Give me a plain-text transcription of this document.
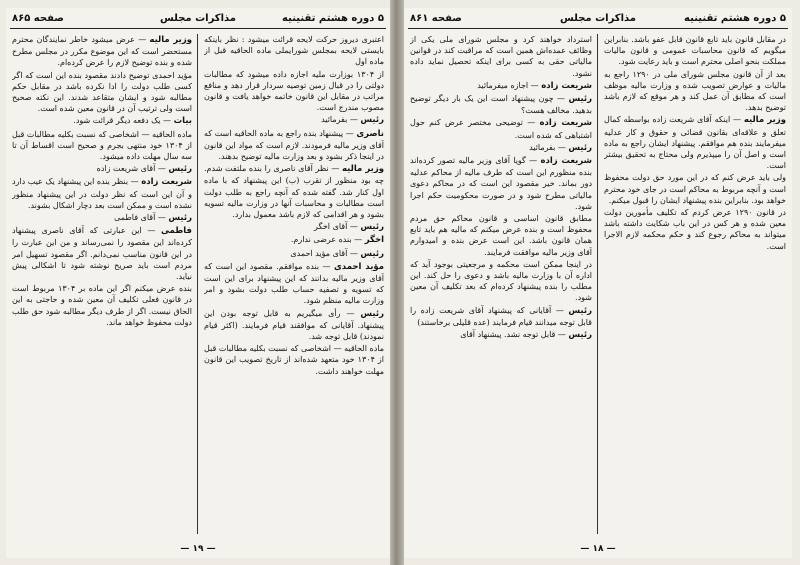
۵ دوره هشتم تقنینیه
مذاکرات مجلس
صفحه ۸۶۵

اعتبری دیروز حرکت لایحه قرائت میشود : نظر باینکه بایستی لایحه بمجلس شورایملی ماده الحاقیه قبل از ماده اول

از ۱۳۰۴ بوزارت ملیه اجازه داده میشود که مطالبات دولتی را در قبال زمین توصیه سردار قرار دهد و منافع مراتب در مقابل این قانون خاتمه خواهد یافت و قانون مصوب مندرج است.

رئیس — بفرمائید

ناصری — پیشنهاد بنده راجع به ماده الحاقیه است که آقای وزیر مالیه فرمودند. لازم است که مواد این قانون در اینجا ذکر بشود و بعد وزارت مالیه توضیح بدهند.

وزیر مالیه — نظر آقای ناصری را بنده ملتفت شدم. چه بود منظور از تقرب (ب) این پیشنهاد که با ماده اول کنار شد. گفته شده که آنچه راجع به طلب دولت است مطالبات و محاسبات آنها در وزارت مالیه تسویه بشود و هر اقدامی که لازم باشد معمول بدارد.

رئیس — آقای اخگر

اخگر — بنده عرضی ندارم.

رئیس — آقای مؤید احمدی

مؤید احمدی — بنده موافقم. مقصود این است که آقای وزیر مالیه بدانند که این پیشنهاد برای این است که تسویه و تصفیه حساب طلب دولت بشود و امر وزارت مالیه منظم شود.

رئیس — رأی میگیریم به قابل توجه بودن این پیشنهاد. آقایانی که موافقند قیام فرمایند. (اکثر قیام نمودند) قابل توجه شد.

ماده الحاقیه — اشخاصی که نسبت بکلیه مطالبات قبل از ۱۳۰۴ خود متعهد شده‌اند از تاریخ تصویب این قانون مهلت خواهند داشت.

وزیر مالیه — عرض میشود خاطر نمایندگان محترم مستحضر است که این موضوع مکرر در مجلس مطرح شده و بنده توضیح لازم را عرض کرده‌ام.

مؤید احمدی توضیح دادند مقصود بنده این است که اگر کسی طلب دولت را ادا نکرده باشد در مقابل حکم مطالبه شود و ایشان متقاعد شدند. این نکته صحیح است ولی ترتیب آن در قانون معین شده است.

بیات — یک دفعه دیگر قرائت شود.

ماده الحاقیه — اشخاصی که نسبت بکلیه مطالبات قبل از ۱۳۰۴ خود منتهی بجرم و صحیح است اقساط آن تا سه سال مهلت داده میشود.

رئیس — آقای شریعت زاده

شریعت زاده — بنظر بنده این پیشنهاد یک عیب دارد و آن این است که نظر دولت در این پیشنهاد منظور نشده است و ممکن است بعد دچار اشکال بشوند.

رئیس — آقای فاطمی

فاطمی — این عبارتی که آقای ناصری پیشنهاد کرده‌اند این مقصود را نمی‌رساند و من این عبارت را در این قانون مناسب نمی‌دانم. اگر مقصود تسهیل امر مردم است باید صریح نوشته شود تا اشکالی پیش نیاید.

بنده عرض میکنم اگر این ماده بر ۱۳۰۴ مربوط است در قانون فعلی تکلیف آن معین شده و حاجتی به این الحاق نیست. اگر از طرف دیگر مطالبه شود حق طلب دولت محفوظ خواهد ماند.

— ۱۹ —
۵ دوره هشتم تقنینیه
مذاکرات مجلس
صفحه ۸۶۱

در مقابل قانون باید تابع قانون قابل عفو باشد. بنابراین میگویم که قانون محاسبات عمومی و قانون مالیات مملکت بنحو اصلی محترم است و باید رعایت شود.

بعد از آن قانون مجلس شورای ملی در ۱۲۹۰ راجع به مالیات و عوارض تصویب شده و وزارت مالیه موظف است که مطابق آن عمل کند و هر موقع که لازم باشد توضیح بدهد.

وزیر مالیه — اینکه آقای شریعت زاده بواسطه کمال تعلق و علاقه‌ای بقانون قضائی و حقوق و کار عدلیه میفرمایند بنده هم موافقم. پیشنهاد ایشان راجع به ماده است و اصل آن را میپذیرم ولی محتاج به تحقیق بیشتر است.

ولی باید عرض کنم که در این مورد حق دولت محفوظ است و آنچه مربوط به محاکم است در جای خود محترم خواهد بود. بنابراین بنده پیشنهاد ایشان را قبول میکنم.

در قانون ۱۲۹۰ عرض کردم که تکلیف مأمورین دولت معین شده و هر کس در این باب شکایت داشته باشد میتواند به محاکم رجوع کند و حکم محکمه لازم الاجرا است.

استرداد خواهند کرد و مجلس شورای ملی یکی از وظائف عمده‌اش همین است که مراقبت کند در قوانین مالیاتی حقی به کسی برای اینکه تحصیل نماید داده نشود.

شریعت زاده — اجازه میفرمائید

رئیس — چون پیشنهاد است این یک بار دیگر توضیح بدهید. مخالف هست؟

شریعت زاده — توضیحی مختصر عرض کنم حول اشتباهی که شده است.

رئیس — بفرمائید

شریعت زاده — گویا آقای وزیر مالیه تصور کرده‌اند بنده منظورم این است که طرف مالیه از محاکم عدلیه دور بماند. خیر مقصود این است که در محاکم دعوی مالیاتی مطرح شود و در صورت محکومیت حکم اجرا شود.

مطابق قانون اساسی و قانون محاکم حق مردم محفوظ است و بنده عرض میکنم که مالیه هم باید تابع همان قانون باشد. این است عرض بنده و امیدوارم آقای وزیر مالیه موافقت فرمایند.

در اینجا ممکن است محکمه و مرجعیتی بوجود آید که اداره آن با وزارت مالیه باشد و دعوی را حل کند. این مطلب را بنده پیشنهاد کرده‌ام که بعد تکلیف آن معین شود.

رئیس — آقایانی که پیشنهاد آقای شریعت زاده را قابل توجه میدانند قیام فرمایند (عده قلیلی برخاستند)

رئیس — قابل توجه نشد. پیشنهاد آقای

— ۱۸ —
